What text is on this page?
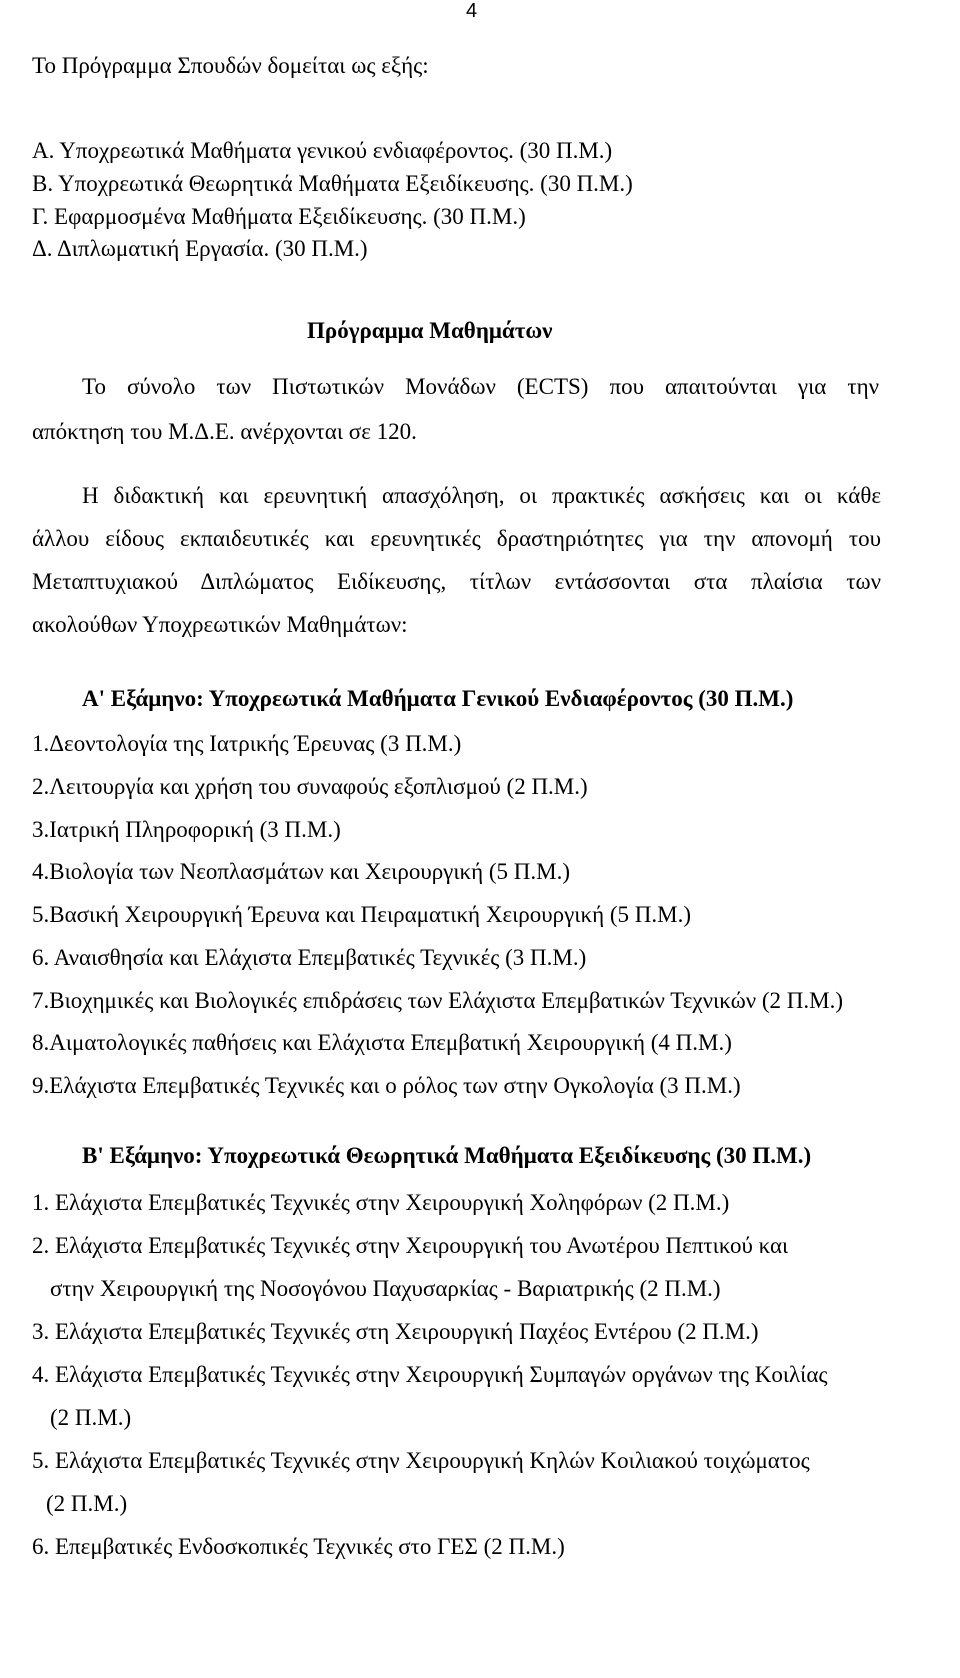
4
Το Πρόγραμμα Σπουδών δομείται ως εξής:
Α. Υποχρεωτικά Μαθήματα γενικού ενδιαφέροντος. (30 Π.Μ.)
Β. Υποχρεωτικά Θεωρητικά Μαθήματα Εξειδίκευσης. (30 Π.Μ.)
Γ. Εφαρμοσμένα Μαθήματα Εξειδίκευσης. (30 Π.Μ.)
Δ. Διπλωματική Εργασία. (30 Π.Μ.)
Πρόγραμμα Μαθημάτων
Το σύνολο των Πιστωτικών Μονάδων (ECTS) που απαιτούνται για την
απόκτηση του Μ.Δ.Ε. ανέρχονται σε 120.
Η διδακτική και ερευνητική απασχόληση, οι πρακτικές ασκήσεις και οι κάθε
άλλου είδους εκπαιδευτικές και ερευνητικές δραστηριότητες για την απονομή του
Μεταπτυχιακού Διπλώματος Ειδίκευσης, τίτλων εντάσσονται στα πλαίσια των
ακολούθων Υποχρεωτικών Μαθημάτων:
Α' Εξάμηνο: Υποχρεωτικά Μαθήματα Γενικού Ενδιαφέροντος (30 Π.Μ.)
1.Δεοντολογία της Ιατρικής Έρευνας (3 Π.Μ.)
2.Λειτουργία και χρήση του συναφούς εξοπλισμού (2 Π.Μ.)
3.Ιατρική Πληροφορική (3 Π.Μ.)
4.Βιολογία των Νεοπλασμάτων και Χειρουργική (5 Π.Μ.)
5.Βασική Χειρουργική Έρευνα και Πειραματική Χειρουργική (5 Π.Μ.)
6. Αναισθησία και Ελάχιστα Επεμβατικές Τεχνικές (3 Π.Μ.)
7.Βιοχημικές και Βιολογικές επιδράσεις των Ελάχιστα Επεμβατικών Τεχνικών (2 Π.Μ.)
8.Αιματολογικές παθήσεις και Ελάχιστα Επεμβατική Χειρουργική (4 Π.Μ.)
9.Ελάχιστα Επεμβατικές Τεχνικές και ο ρόλος των στην Ογκολογία (3 Π.Μ.)
Β' Εξάμηνο: Υποχρεωτικά Θεωρητικά Μαθήματα Εξειδίκευσης (30 Π.Μ.)
1. Ελάχιστα Επεμβατικές Τεχνικές στην Χειρουργική Χοληφόρων (2 Π.Μ.)
2. Ελάχιστα Επεμβατικές Τεχνικές στην Χειρουργική του Ανωτέρου Πεπτικού και
στην Χειρουργική της Νοσογόνου Παχυσαρκίας - Βαριατρικής (2 Π.Μ.)
3. Ελάχιστα Επεμβατικές Τεχνικές στη Χειρουργική Παχέος Εντέρου (2 Π.Μ.)
4. Ελάχιστα Επεμβατικές Τεχνικές στην Χειρουργική Συμπαγών οργάνων της Κοιλίας
(2 Π.Μ.)
5. Ελάχιστα Επεμβατικές Τεχνικές στην Χειρουργική Κηλών Κοιλιακού τοιχώματος
(2 Π.Μ.)
6. Επεμβατικές Ενδοσκοπικές Τεχνικές στο ΓΕΣ (2 Π.Μ.)
